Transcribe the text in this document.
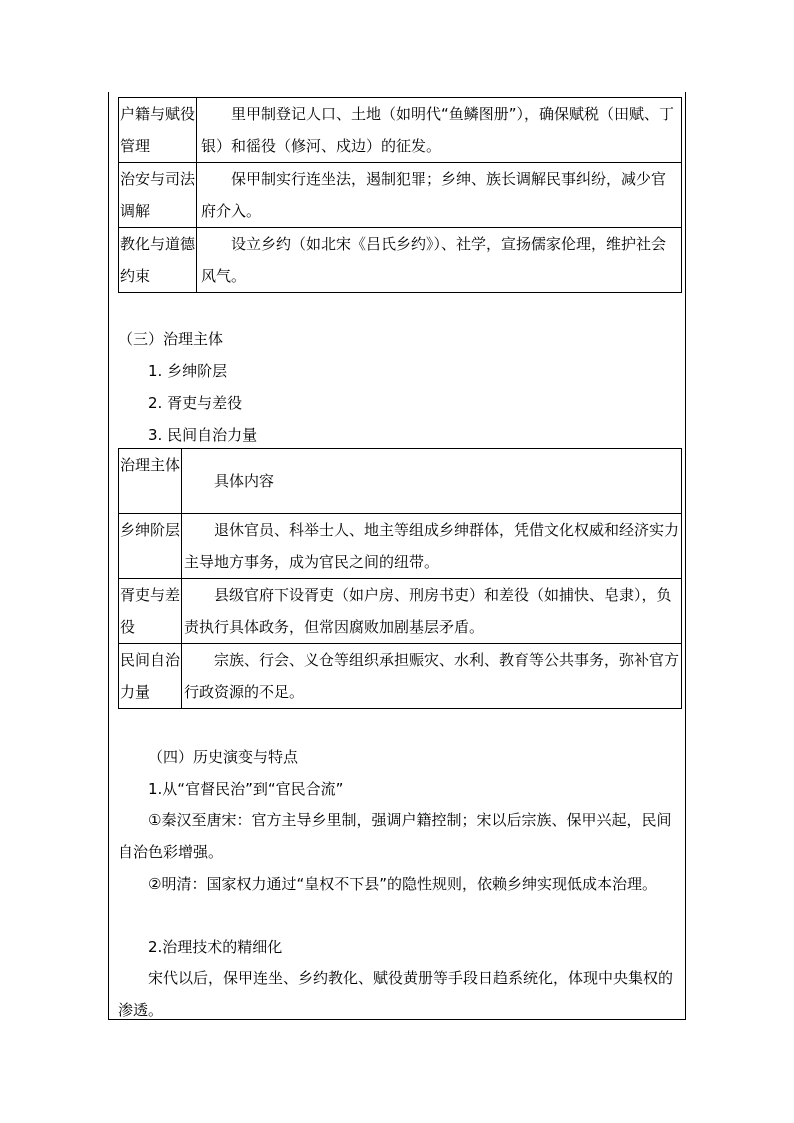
户籍与赋役管理	里甲制登记人口、土地（如明代“鱼鳞图册”），确保赋税（田赋、丁银）和徭役（修河、戍边）的征发。
治安与司法调解	保甲制实行连坐法，遏制犯罪；乡绅、族长调解民事纠纷，减少官府介入。
教化与道德约束	设立乡约（如北宋《吕氏乡约》）、社学，宣扬儒家伦理，维护社会风气。
（三）治理主体
1. 乡绅阶层
2. 胥吏与差役
3. 民间自治力量
治理主体	具体内容
乡绅阶层	退休官员、科举士人、地主等组成乡绅群体，凭借文化权威和经济实力主导地方事务，成为官民之间的纽带。
胥吏与差役	县级官府下设胥吏（如户房、刑房书吏）和差役（如捕快、皂隶），负责执行具体政务，但常因腐败加剧基层矛盾。
民间自治力量	宗族、行会、义仓等组织承担赈灾、水利、教育等公共事务，弥补官方行政资源的不足。
（四）历史演变与特点
1.从“官督民治”到“官民合流”
①秦汉至唐宋：官方主导乡里制，强调户籍控制；宋以后宗族、保甲兴起，民间自治色彩增强。
②明清：国家权力通过“皇权不下县”的隐性规则，依赖乡绅实现低成本治理。
2.治理技术的精细化
宋代以后，保甲连坐、乡约教化、赋役黄册等手段日趋系统化，体现中央集权的渗透。
